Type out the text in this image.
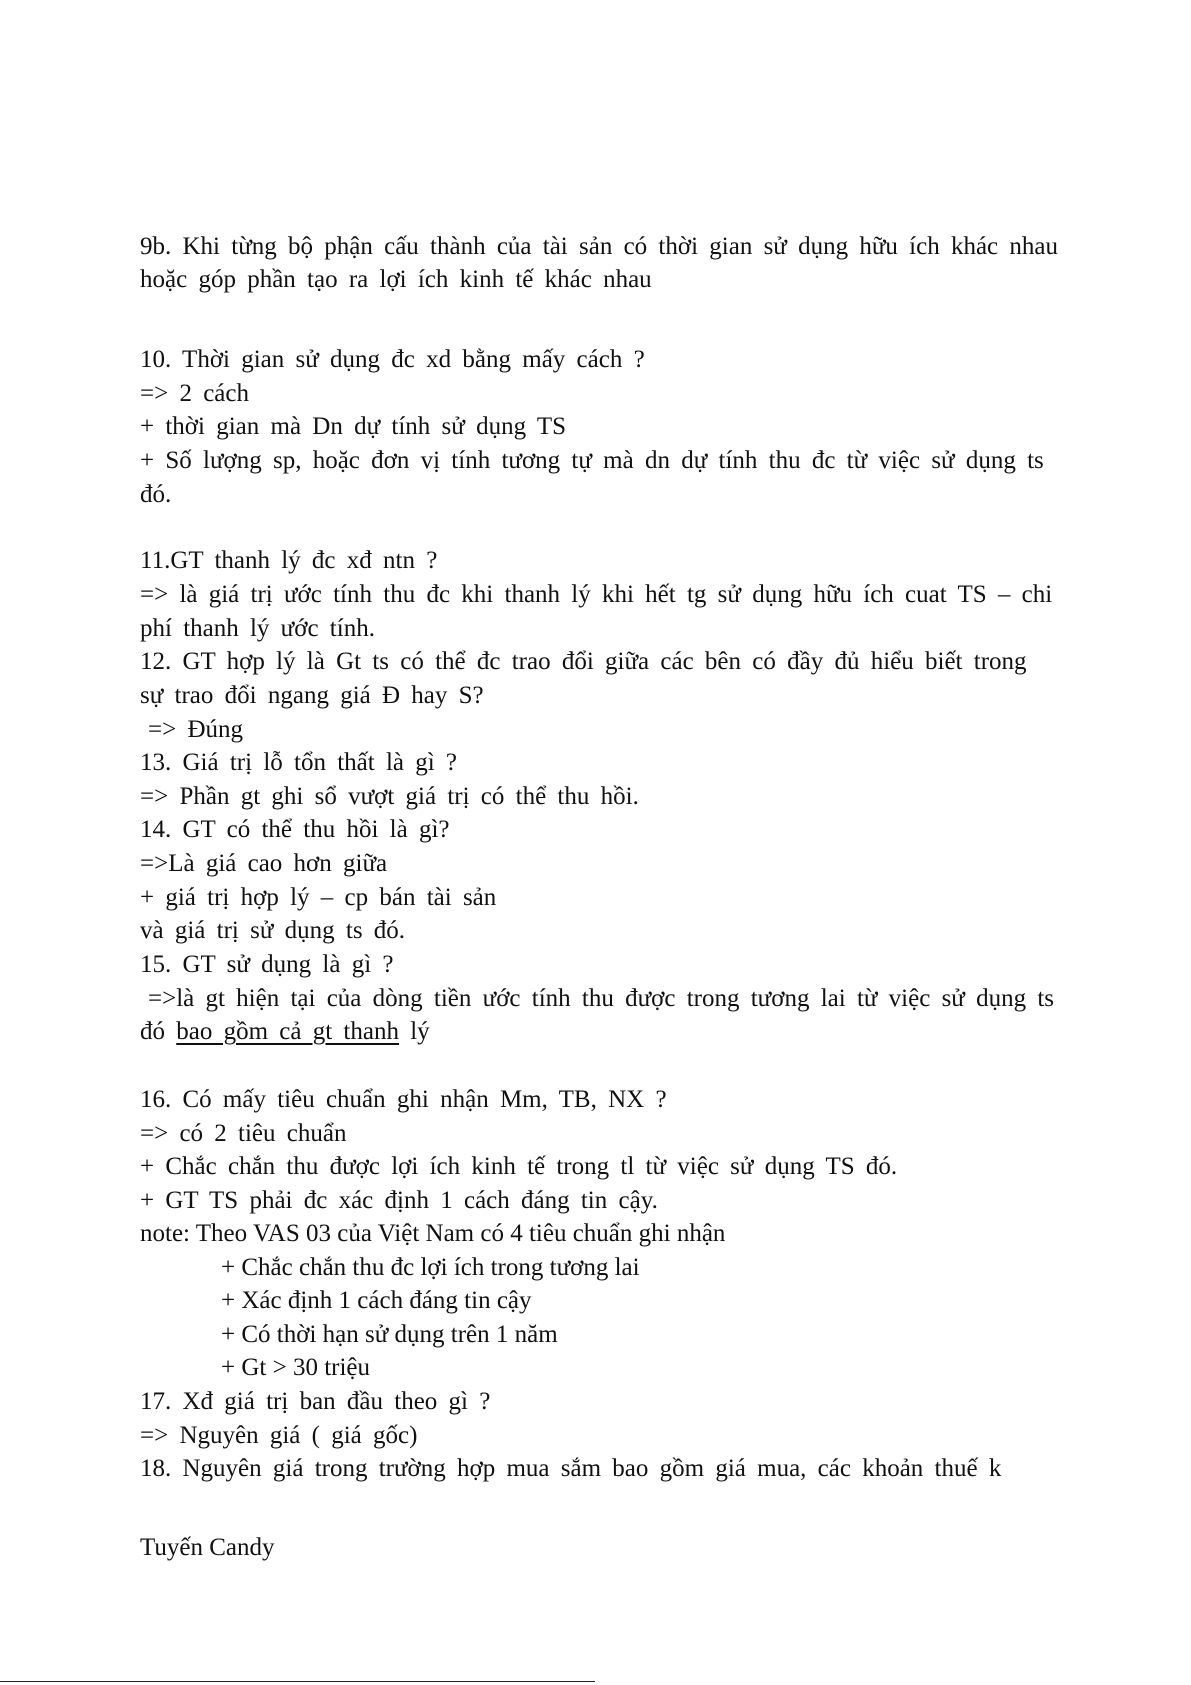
9b. Khi từng bộ phận cấu thành của tài sản có thời gian sử dụng hữu ích khác nhau
hoặc góp phần tạo ra lợi ích kinh tế khác nhau
10. Thời gian sử dụng đc xd bằng mấy cách ?
=> 2 cách
+ thời gian mà Dn dự tính sử dụng TS
+ Số lượng sp, hoặc đơn vị tính tương tự mà dn dự tính thu đc từ việc sử dụng ts
đó.
11.GT thanh lý đc xđ ntn ?
=> là giá trị ước tính thu đc khi thanh lý khi hết tg sử dụng hữu ích cuat TS – chi
phí thanh lý ước tính.
12. GT hợp lý là Gt ts có thể đc trao đổi giữa các bên có đầy đủ hiểu biết trong
sự trao đổi ngang giá Đ hay S?
=> Đúng
13. Giá trị lỗ tổn thất là gì ?
=> Phần gt ghi sổ vượt giá trị có thể thu hồi.
14. GT có thể thu hồi là gì?
=>Là giá cao hơn giữa
+ giá trị hợp lý – cp bán tài sản
và giá trị sử dụng ts đó.
15. GT sử dụng là gì ?
=>là gt hiện tại của dòng tiền ước tính thu được trong tương lai từ việc sử dụng ts
đó bao gồm cả gt thanh lý
16. Có mấy tiêu chuẩn ghi nhận Mm, TB, NX ?
=> có 2 tiêu chuẩn
+ Chắc chắn thu được lợi ích kinh tế trong tl từ việc sử dụng TS đó.
+ GT TS phải đc xác định 1 cách đáng tin cậy.
note: Theo VAS 03 của Việt Nam có 4 tiêu chuẩn ghi nhận
+ Chắc chắn thu đc lợi ích trong tương lai
+ Xác định 1 cách đáng tin cậy
+ Có thời hạn sử dụng trên 1 năm
+ Gt > 30 triệu
17. Xđ giá trị ban đầu theo gì ?
=> Nguyên giá ( giá gốc)
18. Nguyên giá trong trường hợp mua sắm bao gồm giá mua, các khoản thuế k
Tuyến Candy
